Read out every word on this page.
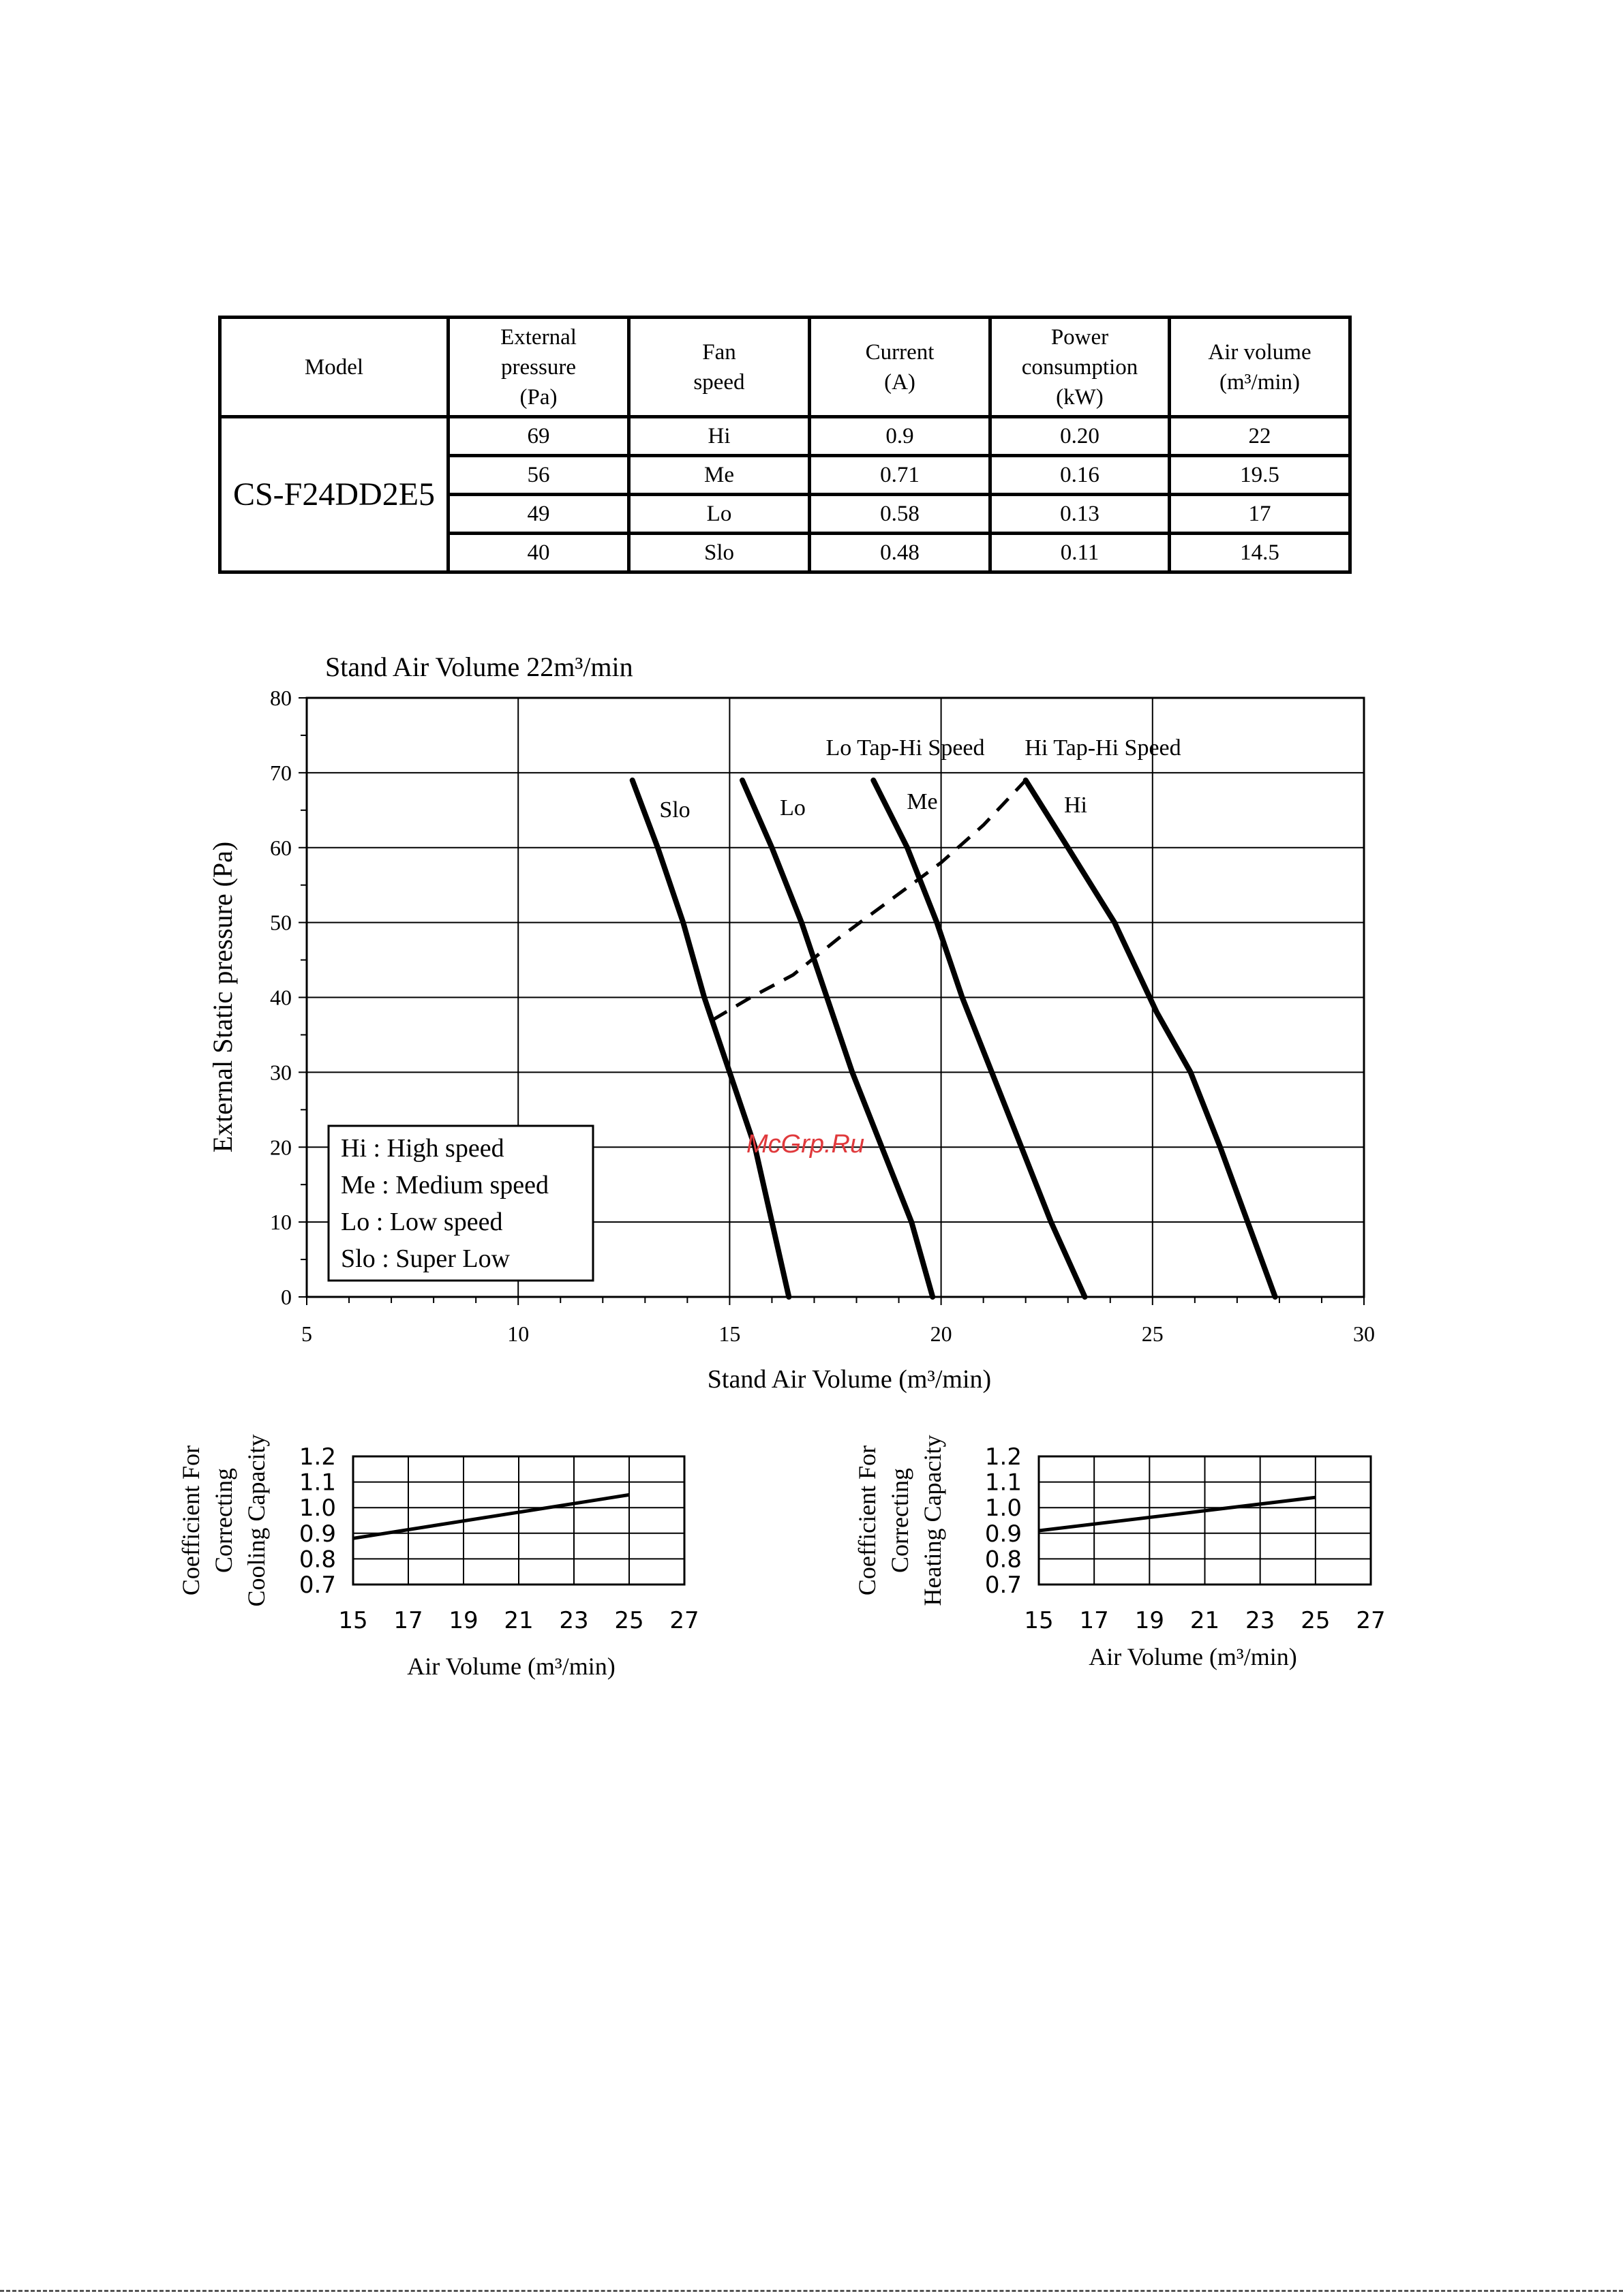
Model	External
pressure
(Pa)	Fan
speed	Current
(A)	Power
consumption
(kW)	Air volume
(m³/min)

CS-F24DD2E5	69	Hi	0.9	0.20	22
	56	Me	0.71	0.16	19.5
	49	Lo	0.58	0.13	17
	40	Slo	0.48	0.11	14.5
5	10	15	20	25	30
0
10
20
30
40
50
60
70
80
Slo	Lo	Me	Hi
Lo Tap-Hi Speed Hi Tap-Hi Speed
Stand Air Volume 22m³/min
Stand Air Volume (m³/min)
External Static pressure (Pa)	Hi : High speed
Me : Medium speed
Lo : Low speed
Slo : Super Low
15 17 19 21 23 25 27
0.7
0.8
0.9
1.0
1.1
1.2
Coefficient For Correcting Cooling Capacity
Air Volume (m³/min)
15 17 19 21 23 25 27
0.7
0.8
0.9
1.0
1.1
1.2
Coefficient For Correcting Heating Capacity
Air Volume (m³/min)
McGrp.Ru
